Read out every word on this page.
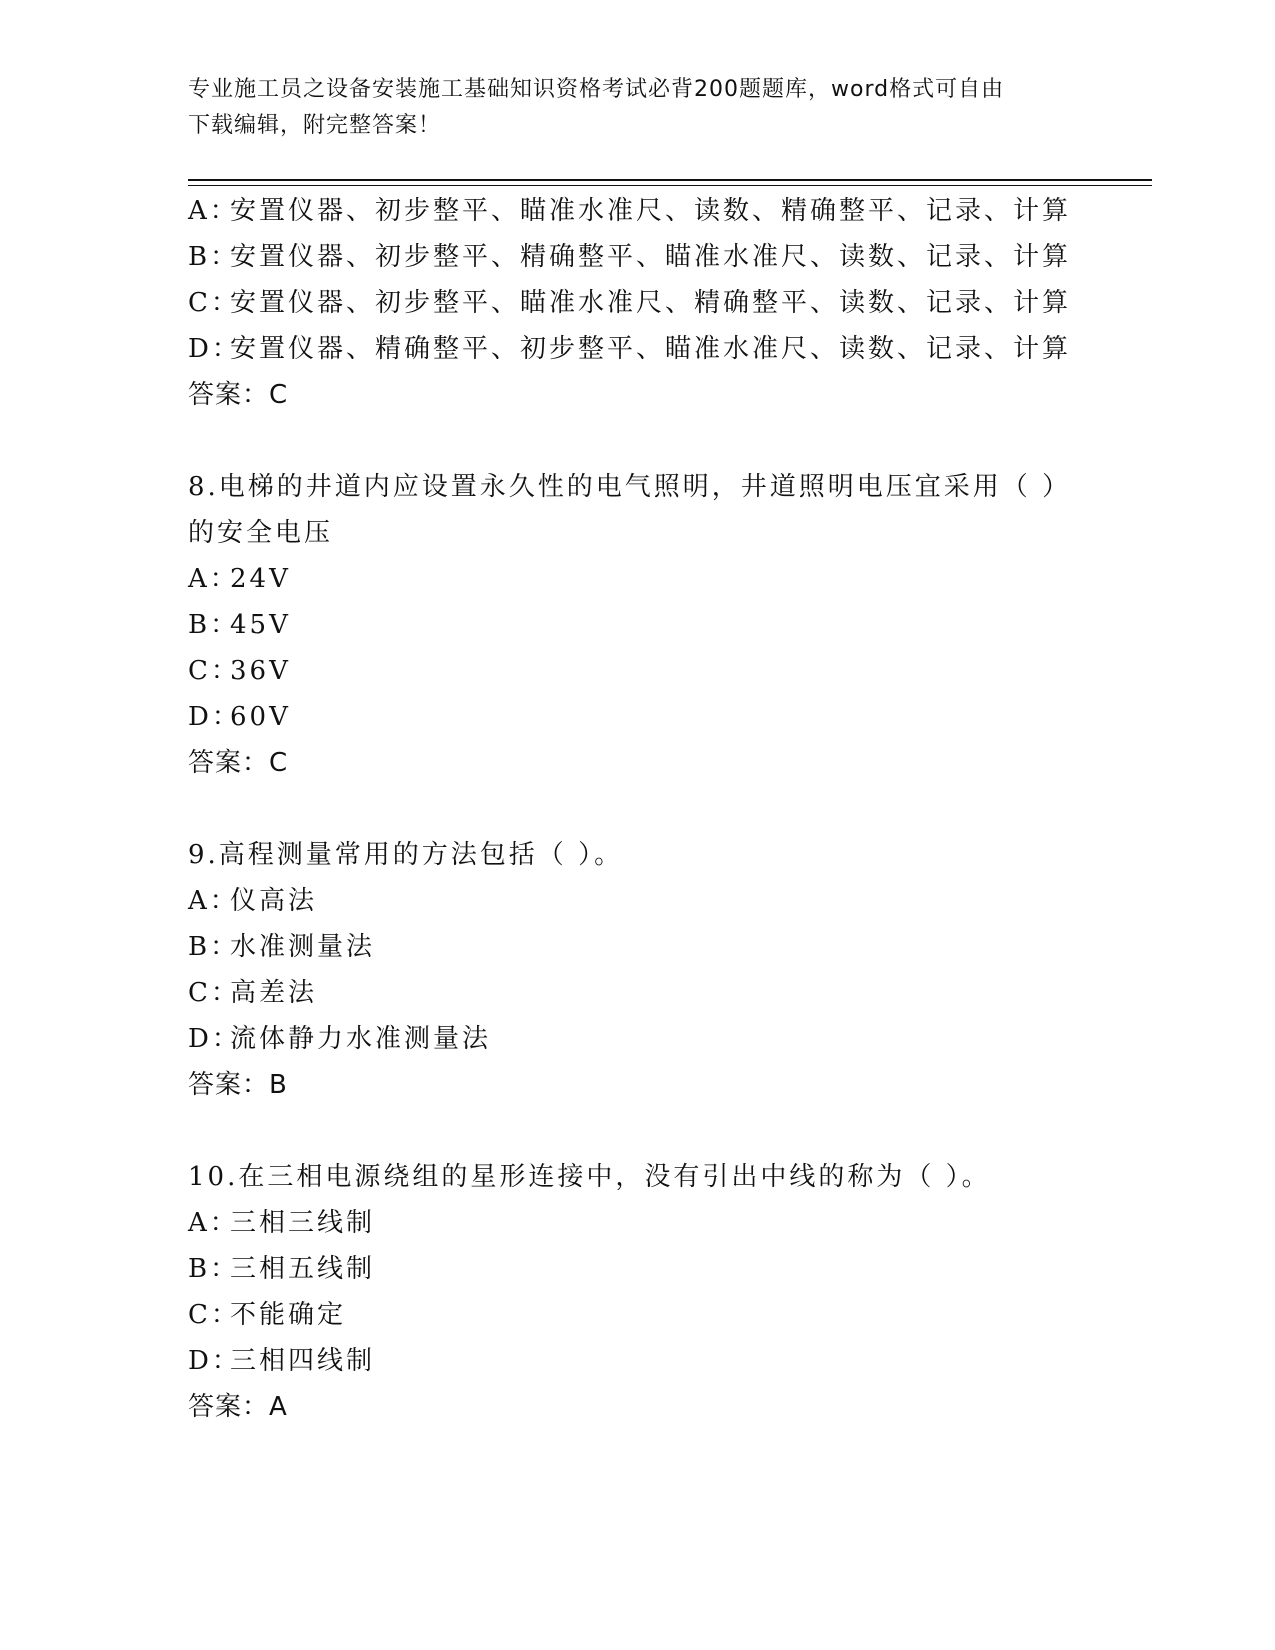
专业施工员之设备安装施工基础知识资格考试必背200题题库，word格式可自由
下载编辑，附完整答案！
A：安置仪器、初步整平、瞄准水准尺、读数、精确整平、记录、计算
B：安置仪器、初步整平、精确整平、瞄准水准尺、读数、记录、计算
C：安置仪器、初步整平、瞄准水准尺、精确整平、读数、记录、计算
D：安置仪器、精确整平、初步整平、瞄准水准尺、读数、记录、计算
答案：C
8.电梯的井道内应设置永久性的电气照明，井道照明电压宜采用（ ）
的安全电压
A：24V
B：45V
C：36V
D：60V
答案：C
9.高程测量常用的方法包括（ ）。
A：仪高法
B：水准测量法
C：高差法
D：流体静力水准测量法
答案：B
10.在三相电源绕组的星形连接中，没有引出中线的称为（ ）。
A：三相三线制
B：三相五线制
C：不能确定
D：三相四线制
答案：A
